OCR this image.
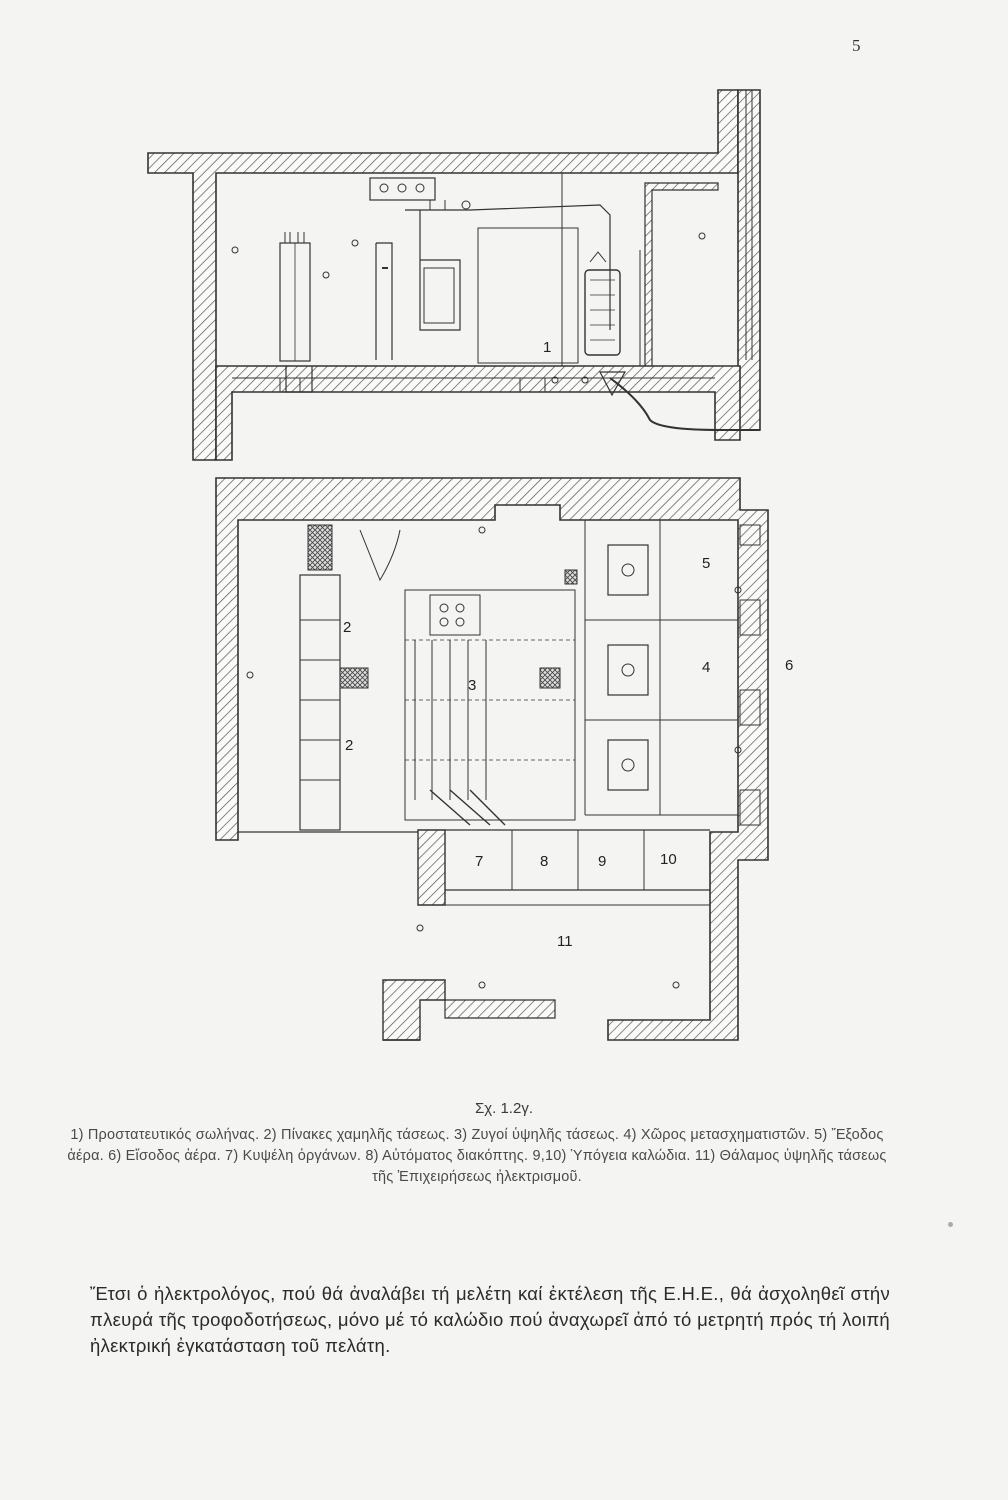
5
1
2
2
3
4
5
6
7	8	9	10
11
Σχ. 1.2γ.
1) Προστατευτικός σωλήνας. 2) Πίνακες χαμηλῆς τάσεως. 3) Ζυγοί ὑψηλῆς τάσεως. 4) Χῶρος μετασχηματιστῶν. 5) Ἔξοδος ἀέρα. 6) Εἴσοδος ἀέρα. 7) Κυψέλη ὀργάνων. 8) Αὐτόματος διακόπτης. 9,10) Ὑπόγεια καλώδια. 11) Θάλαμος ὑψηλῆς τάσεως τῆς Ἐπιχειρήσεως ἠλεκτρισμοῦ.

Ἔτσι ὁ ἠλεκτρολόγος, πού θά ἀναλάβει τή μελέτη καί ἐκτέλεση τῆς Ε.Η.Ε., θά ἀσχοληθεῖ στήν πλευρά τῆς τροφοδοτήσεως, μόνο μέ τό καλώδιο πού ἀναχωρεῖ ἀπό τό μετρητή πρός τή λοιπή ἠλεκτρική ἐγκατάσταση τοῦ πελάτη.
